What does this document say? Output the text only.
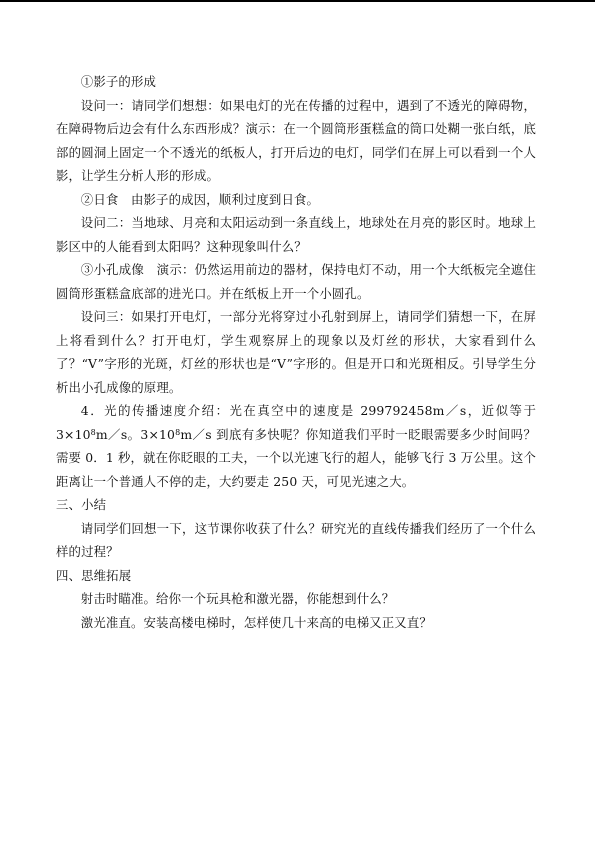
①影子的形成

设问一：请同学们想想：如果电灯的光在传播的过程中，遇到了不透光的障碍物，在障碍物后边会有什么东西形成？演示：在一个圆筒形蛋糕盒的筒口处糊一张白纸，底部的圆洞上固定一个不透光的纸板人，打开后边的电灯，同学们在屏上可以看到一个人影，让学生分析人形的形成。

②日食　由影子的成因，顺利过度到日食。

设问二：当地球、月亮和太阳运动到一条直线上，地球处在月亮的影区时。地球上影区中的人能看到太阳吗？这种现象叫什么？

③小孔成像　演示：仍然运用前边的器材，保持电灯不动，用一个大纸板完全遮住圆筒形蛋糕盒底部的进光口。并在纸板上开一个小圆孔。

设问三：如果打开电灯，一部分光将穿过小孔射到屏上，请同学们猜想一下，在屏上将看到什么？打开电灯，学生观察屏上的现象以及灯丝的形状，大家看到什么了？“V”字形的光斑，灯丝的形状也是“V”字形的。但是开口和光斑相反。引导学生分析出小孔成像的原理。

4．光的传播速度介绍：光在真空中的速度是 299792458m／s，近似等于 $3\times 10^8m/s$。$3\times 10^8m/s$ 到底有多快呢？你知道我们平时一眨眼需要多少时间吗？需要 0．1 秒，就在你眨眼的工夫，一个以光速飞行的超人，能够飞行 3 万公里。这个距离让一个普通人不停的走，大约要走 250 天，可见光速之大。

三、小结

请同学们回想一下，这节课你收获了什么？研究光的直线传播我们经历了一个什么样的过程？

四、思维拓展

射击时瞄准。给你一个玩具枪和激光器，你能想到什么？

激光准直。安装高楼电梯时，怎样使几十来高的电梯又正又直？
